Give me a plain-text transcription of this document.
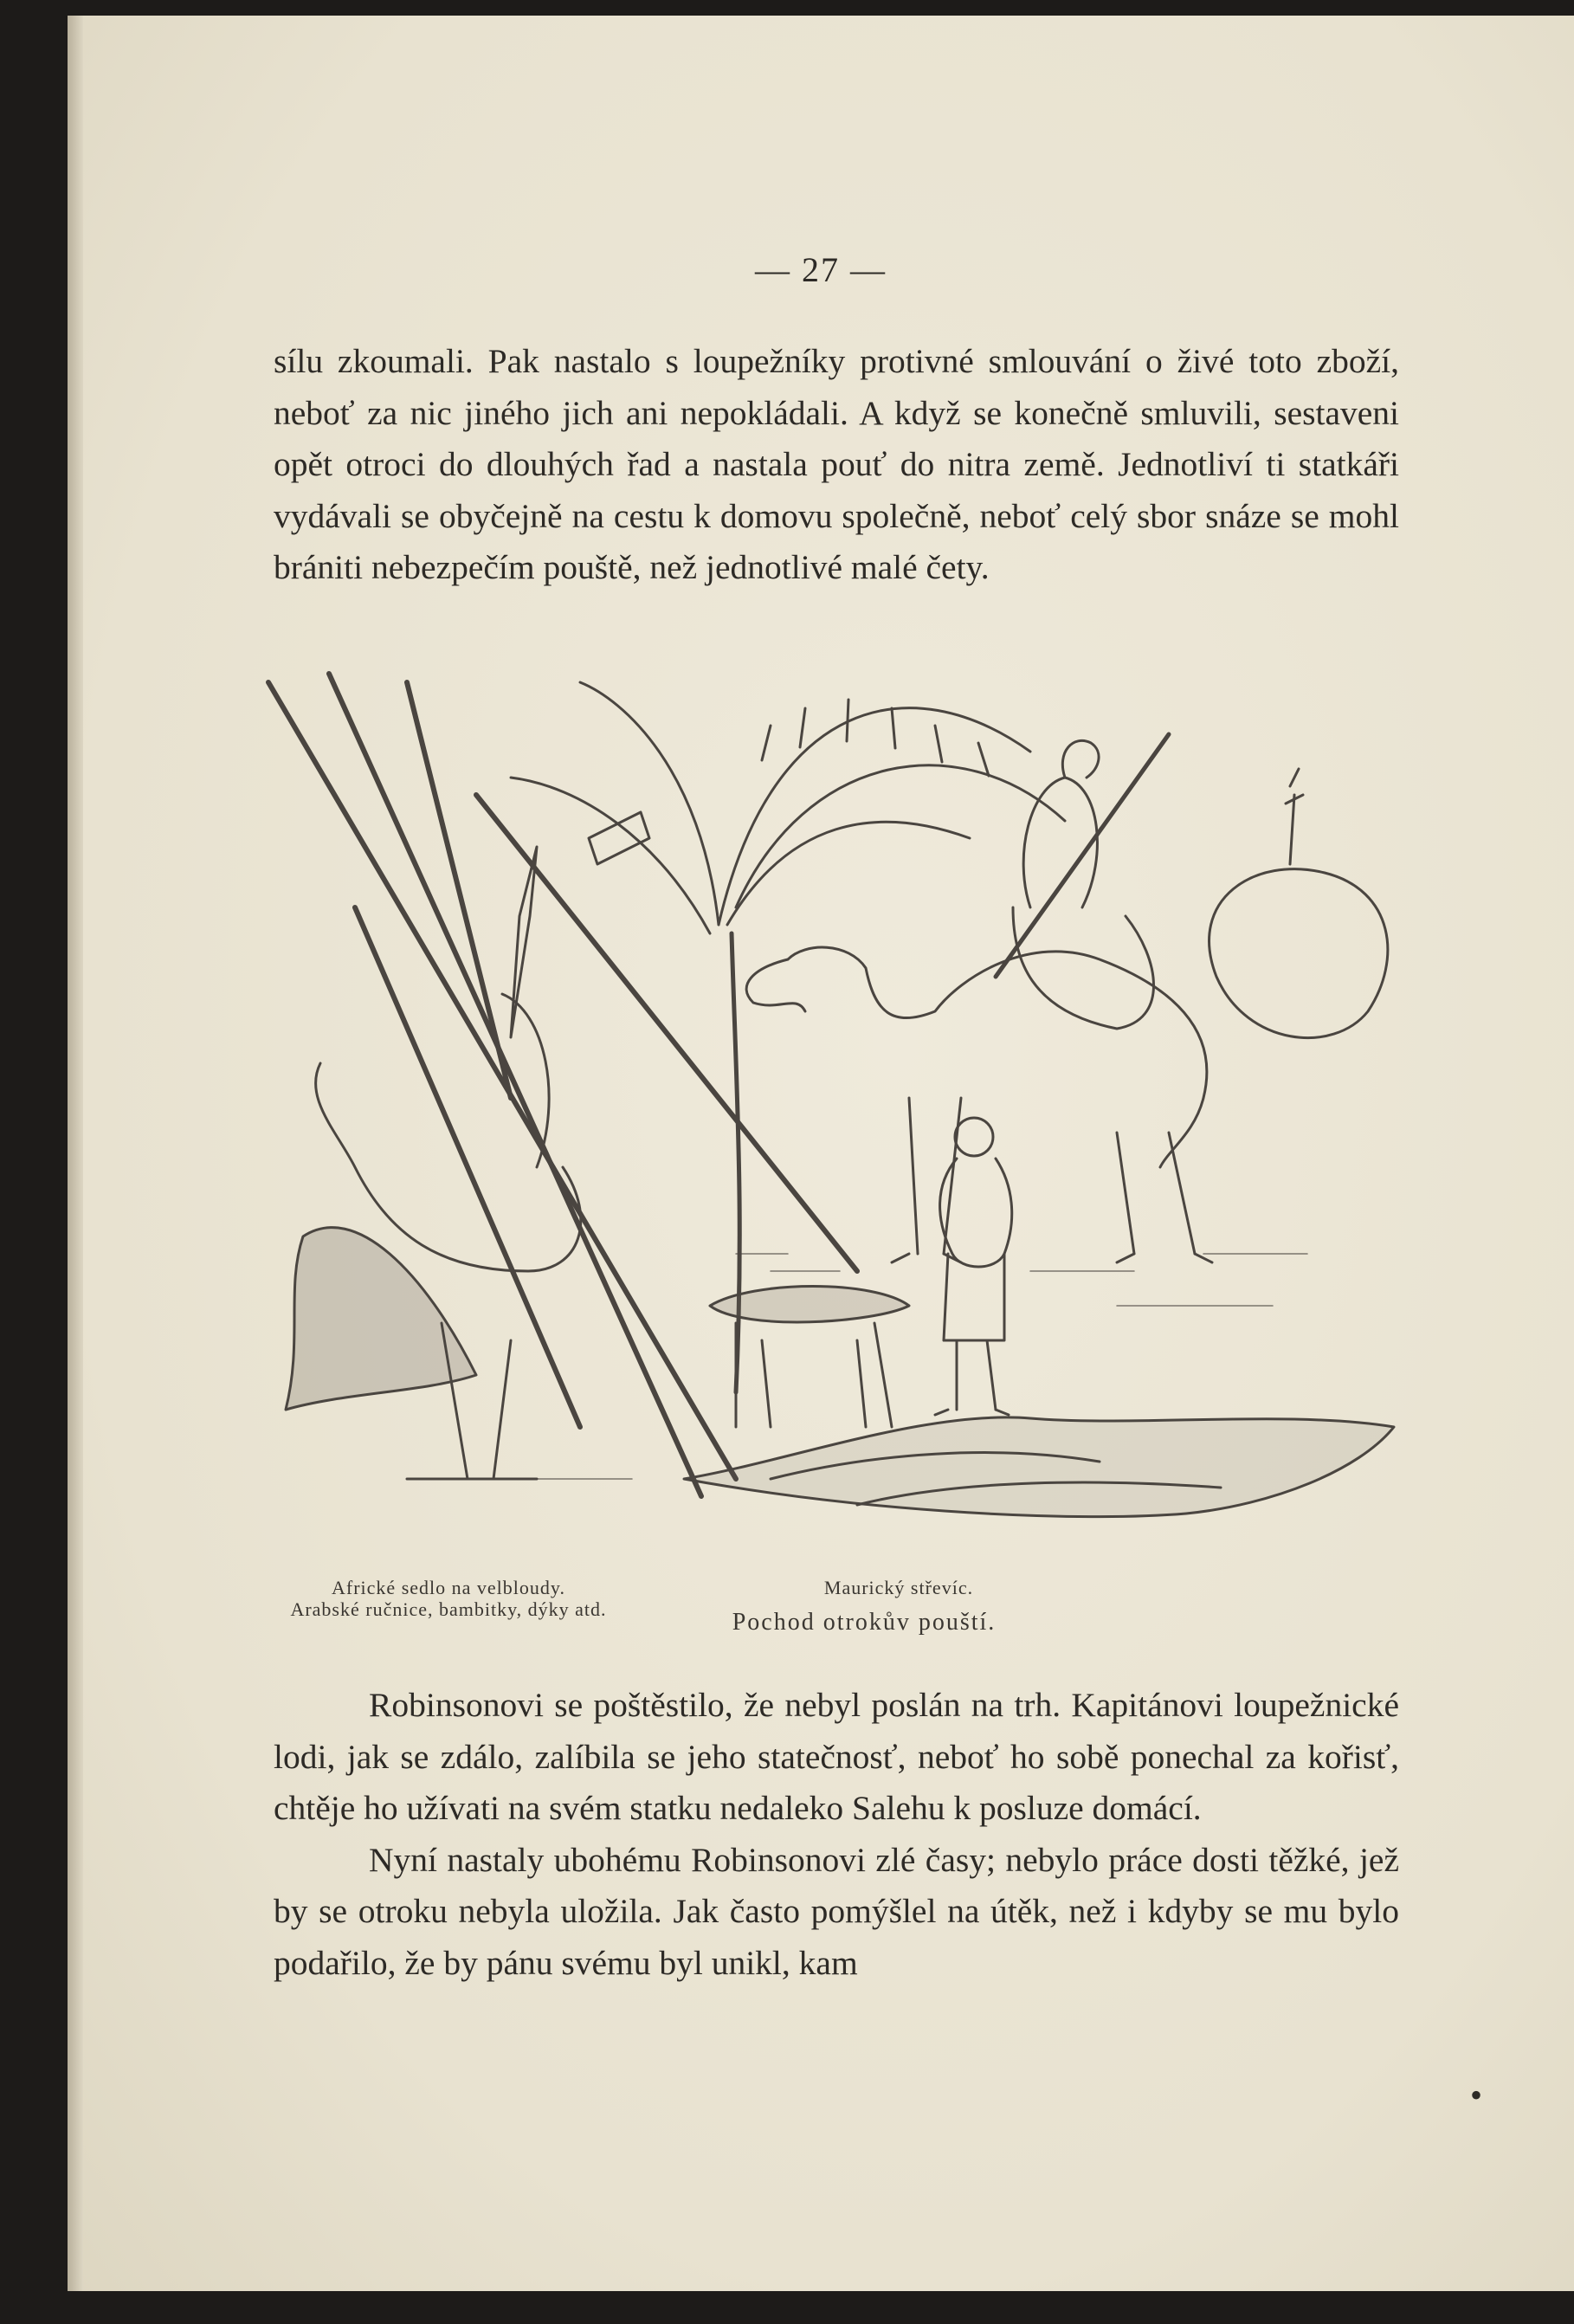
— 27 —

sílu zkoumali. Pak nastalo s loupežníky protivné smlouvání o živé toto zboží, neboť za nic jiného jich ani nepokládali. A když se konečně smluvili, sestaveni opět otroci do dlouhých řad a nastala pouť do nitra země. Jednotliví ti statkáři vydávali se obyčejně na cestu k domovu společně, neboť celý sbor snáze se mohl brániti nebezpečím pouště, než jednotlivé malé čety.

Africké sedlo na velbloudy.
Arabské ručnice, bambitky, dýky atd.
Maurický střevíc.
Pochod otrokův pouští.

Robinsonovi se poštěstilo, že nebyl poslán na trh. Kapitánovi loupežnické lodi, jak se zdálo, zalíbila se jeho statečnosť, neboť ho sobě ponechal za kořisť, chtěje ho užívati na svém statku nedaleko Salehu k posluze domácí.

Nyní nastaly ubohému Robinsonovi zlé časy; nebylo práce dosti těžké, jež by se otroku nebyla uložila. Jak často pomýšlel na útěk, než i kdyby se mu bylo podařilo, že by pánu svému byl unikl, kam

•
